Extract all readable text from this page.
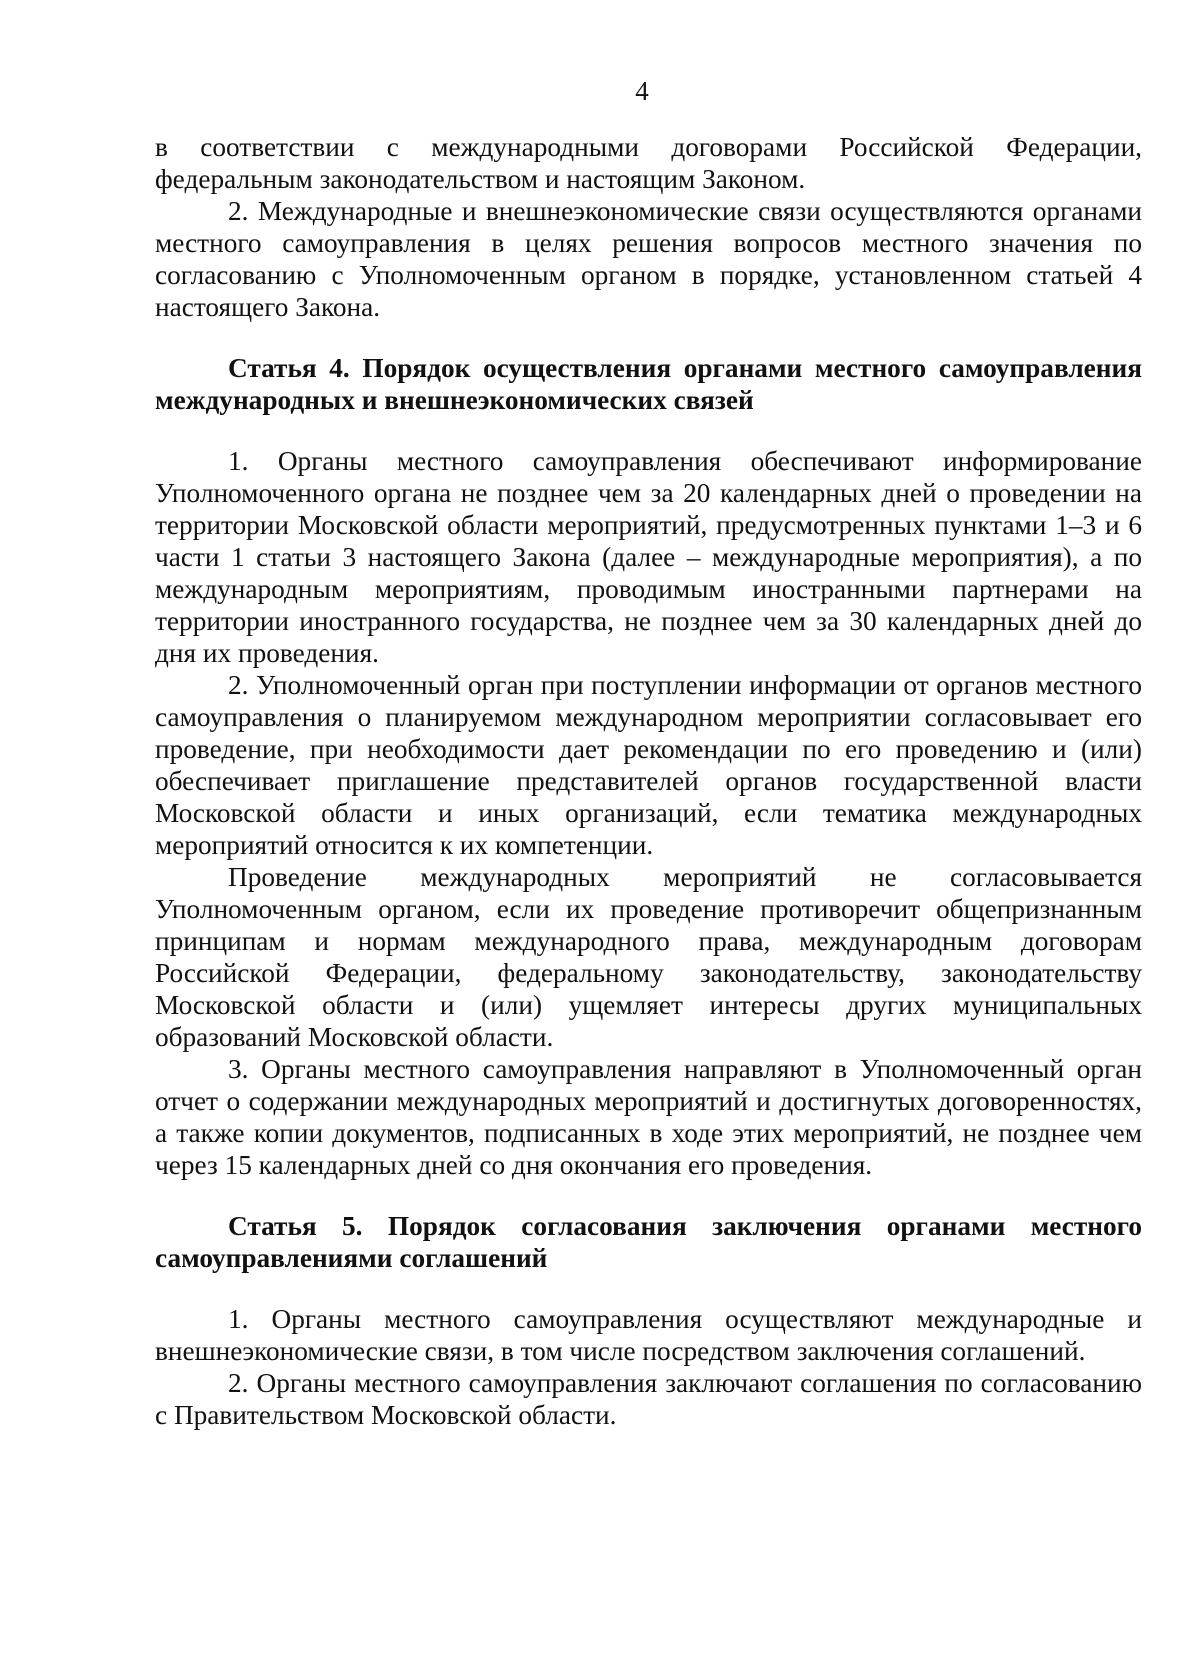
4

в соответствии с международными договорами Российской Федерации, федеральным законодательством и настоящим Законом.

2. Международные и внешнеэкономические связи осуществляются органами местного самоуправления в целях решения вопросов местного значения по согласованию с Уполномоченным органом в порядке, установленном статьей 4 настоящего Закона.

Статья 4. Порядок осуществления органами местного самоуправления международных и внешнеэкономических связей

1. Органы местного самоуправления обеспечивают информирование Уполномоченного органа не позднее чем за 20 календарных дней о проведении на территории Московской области мероприятий, предусмотренных пунктами 1–3 и 6 части 1 статьи 3 настоящего Закона (далее – международные мероприятия), а по международным мероприятиям, проводимым иностранными партнерами на территории иностранного государства, не позднее чем за 30 календарных дней до дня их проведения.

2. Уполномоченный орган при поступлении информации от органов местного самоуправления о планируемом международном мероприятии согласовывает его проведение, при необходимости дает рекомендации по его проведению и (или) обеспечивает приглашение представителей органов государственной власти Московской области и иных организаций, если тематика международных мероприятий относится к их компетенции.

Проведение международных мероприятий не согласовывается Уполномоченным органом, если их проведение противоречит общепризнанным принципам и нормам международного права, международным договорам Российской Федерации, федеральному законодательству, законодательству Московской области и (или) ущемляет интересы других муниципальных образований Московской области.

3. Органы местного самоуправления направляют в Уполномоченный орган отчет о содержании международных мероприятий и достигнутых договоренностях, а также копии документов, подписанных в ходе этих мероприятий, не позднее чем через 15 календарных дней со дня окончания его проведения.

Статья 5. Порядок согласования заключения органами местного самоуправлениями соглашений

1. Органы местного самоуправления осуществляют международные и внешнеэкономические связи, в том числе посредством заключения соглашений.

2. Органы местного самоуправления заключают соглашения по согласованию с Правительством Московской области.
